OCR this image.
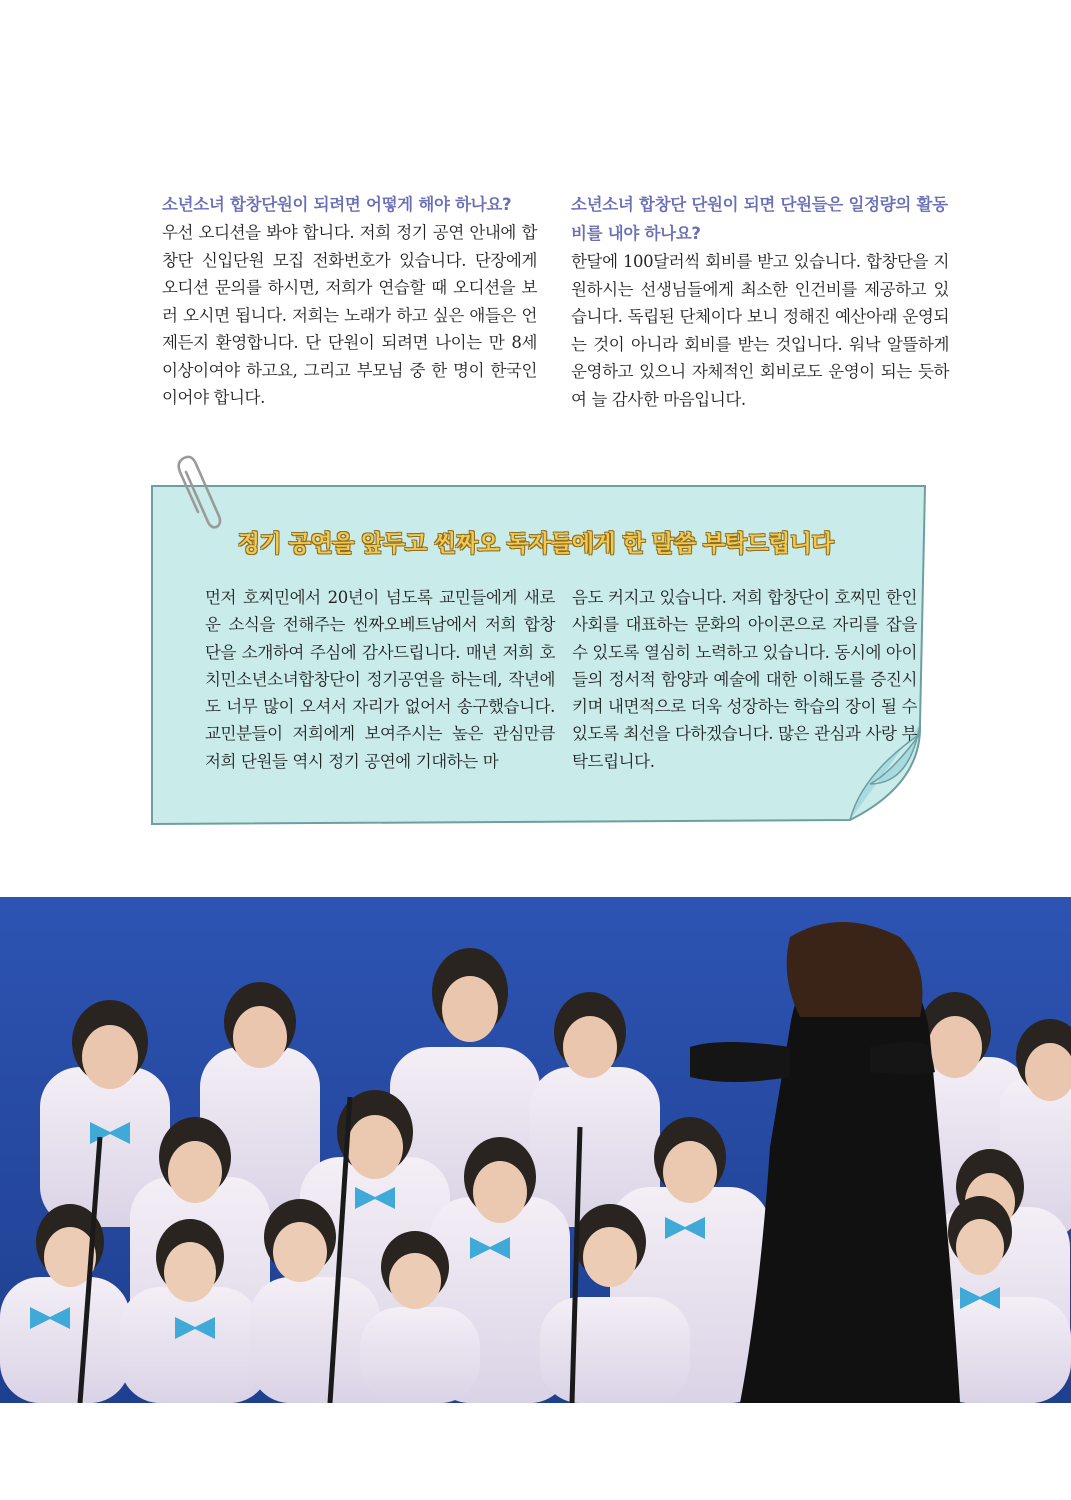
소년소녀 합창단원이 되려면 어떻게 해야 하나요?

우선 오디션을 봐야 합니다. 저희 정기 공연 안내에 합창단 신입단원 모집 전화번호가 있습니다. 단장에게 오디션 문의를 하시면, 저희가 연습할 때 오디션을 보러 오시면 됩니다. 저희는 노래가 하고 싶은 애들은 언제든지 환영합니다. 단 단원이 되려면 나이는 만 8세 이상이여야 하고요, 그리고 부모님 중 한 명이 한국인이어야 합니다.

소년소녀 합창단 단원이 되면 단원들은 일정량의 활동비를 내야 하나요?

한달에 100달러씩 회비를 받고 있습니다. 합창단을 지원하시는 선생님들에게 최소한 인건비를 제공하고 있습니다. 독립된 단체이다 보니 정해진 예산아래 운영되는 것이 아니라 회비를 받는 것입니다. 워낙 알뜰하게 운영하고 있으니 자체적인 회비로도 운영이 되는 듯하여 늘 감사한 마음입니다.

정기 공연을 앞두고 씬짜오 독자들에게 한 말씀 부탁드립니다

먼저 호찌민에서 20년이 넘도록 교민들에게 새로운 소식을 전해주는 씬짜오베트남에서 저희 합창단을 소개하여 주심에 감사드립니다. 매년 저희 호치민소년소녀합창단이 정기공연을 하는데, 작년에도 너무 많이 오셔서 자리가 없어서 송구했습니다. 교민분들이 저희에게 보여주시는 높은 관심만큼 저희 단원들 역시 정기 공연에 기대하는 마

음도 커지고 있습니다. 저희 합창단이 호찌민 한인사회를 대표하는 문화의 아이콘으로 자리를 잡을 수 있도록 열심히 노력하고 있습니다. 동시에 아이들의 정서적 함양과 예술에 대한 이해도를 증진시키며 내면적으로 더욱 성장하는 학습의 장이 될 수 있도록 최선을 다하겠습니다. 많은 관심과 사랑 부탁드립니다.
